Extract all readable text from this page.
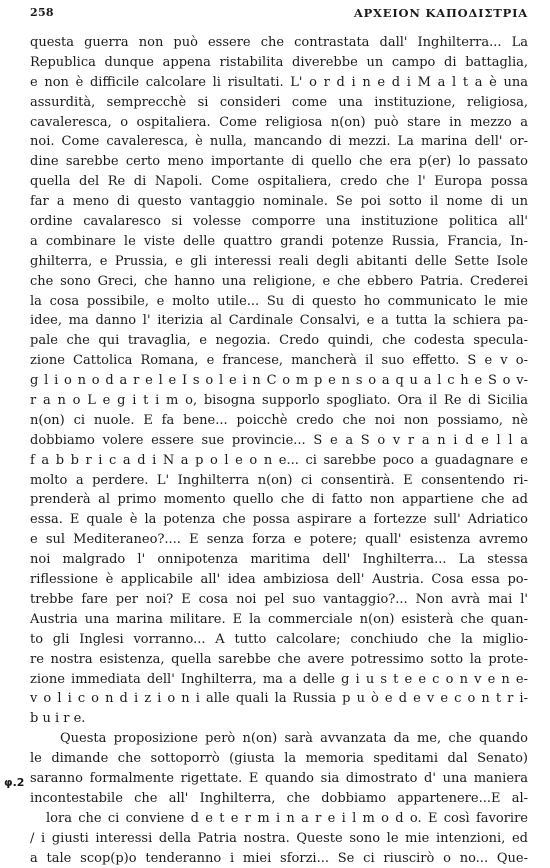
258	ΑΡΧΕΙΟΝ ΚΑΠΟΔΙΣΤΡΙΑ
questa guerra non può essere che contrastata dall' Inghilterra... La
Republica dunque appena ristabilita diverebbe un campo di battaglia,
e non è difficile calcolare li risultati. L' o r d i n e d i M a l t a è una
assurdità, semprecchè si consideri come una instituzione, religiosa,
cavaleresca, o ospitaliera. Come religiosa n(on) può stare in mezzo a
noi. Come cavaleresca, è nulla, mancando di mezzi. La marina dell' or-
dine sarebbe certo meno importante di quello che era p(er) lo passato
quella del Re di Napoli. Come ospitaliera, credo che l' Europa possa
far a meno di questo vantaggio nominale. Se poi sotto il nome di un
ordine cavalaresco si volesse comporre una instituzione politica all'
a combinare le viste delle quattro grandi potenze Russia, Francia, In-
ghilterra, e Prussia, e gli interessi reali degli abitanti delle Sette Isole
che sono Greci, che hanno una religione, e che ebbero Patria. Crederei
la cosa possibile, e molto utile... Su di questo ho communicato le mie
idee, ma danno l' iterizia al Cardinale Consalvi, e a tutta la schiera pa-
pale che qui travaglia, e negozia. Credo quindi, che codesta specula-
zione Cattolica Romana, e francese, mancherà il suo effetto. S e v o-
g l i o n o d a r e l e I s o l e i n C o m p e n s o a q u a l c h e S o v-
r a n o L e g i t i m o, bisogna supporlo spogliato. Ora il Re di Sicilia
n(on) ci nuole. E fa bene... poicchè credo che noi non possiamo, nè
dobbiamo volere essere sue provincie... S e a S o v r a n i d e l l a
f a b b r i c a d i N a p o l e o n e... ci sarebbe poco a guadagnare e
molto a perdere. L' Inghilterra n(on) ci consentirà. E consentendo ri-
prenderà al primo momento quello che di fatto non appartiene che ad
essa. E quale è la potenza che possa aspirare a fortezze sull' Adriatico
e sul Mediteraneo?.... E senza forza e potere; quall' esistenza avremo
noi malgrado l' onnipotenza maritima dell' Inghilterra... La stessa
riflessione è applicabile all' idea ambiziosa dell' Austria. Cosa essa po-
trebbe fare per noi? E cosa noi pel suo vantaggio?... Non avrà mai l'
Austria una marina militare. E la commerciale n(on) esisterà che quan-
to gli Inglesi vorranno... A tutto calcolare; conchiudo che la miglio-
re nostra esistenza, quella sarebbe che avere potressimo sotto la prote-
zione immediata dell' Inghilterra, ma a delle g i u s t e e c o n v e n e-
v o l i c o n d i z i o n i alle quali la Russia p u ò e d e v e c o n t r i-
b u i r e.
Questa proposizione però n(on) sarà avvanzata da me, che quando
le dimande che sottoporrò (giusta la memoria speditami dal Senato)
saranno formalmente rigettate. E quando sia dimostrato d' una maniera
incontestabile che all' Inghilterra, che dobbiamo appartenere...E al-
lora che ci conviene d e t e r m i n a r e i l m o d o. E così favorire
/ i giusti interessi della Patria nostra. Queste sono le mie intenzioni, ed
a tale scop(p)o tenderanno i miei sforzi... Se ci riuscirò o no... Que-
φ.2
